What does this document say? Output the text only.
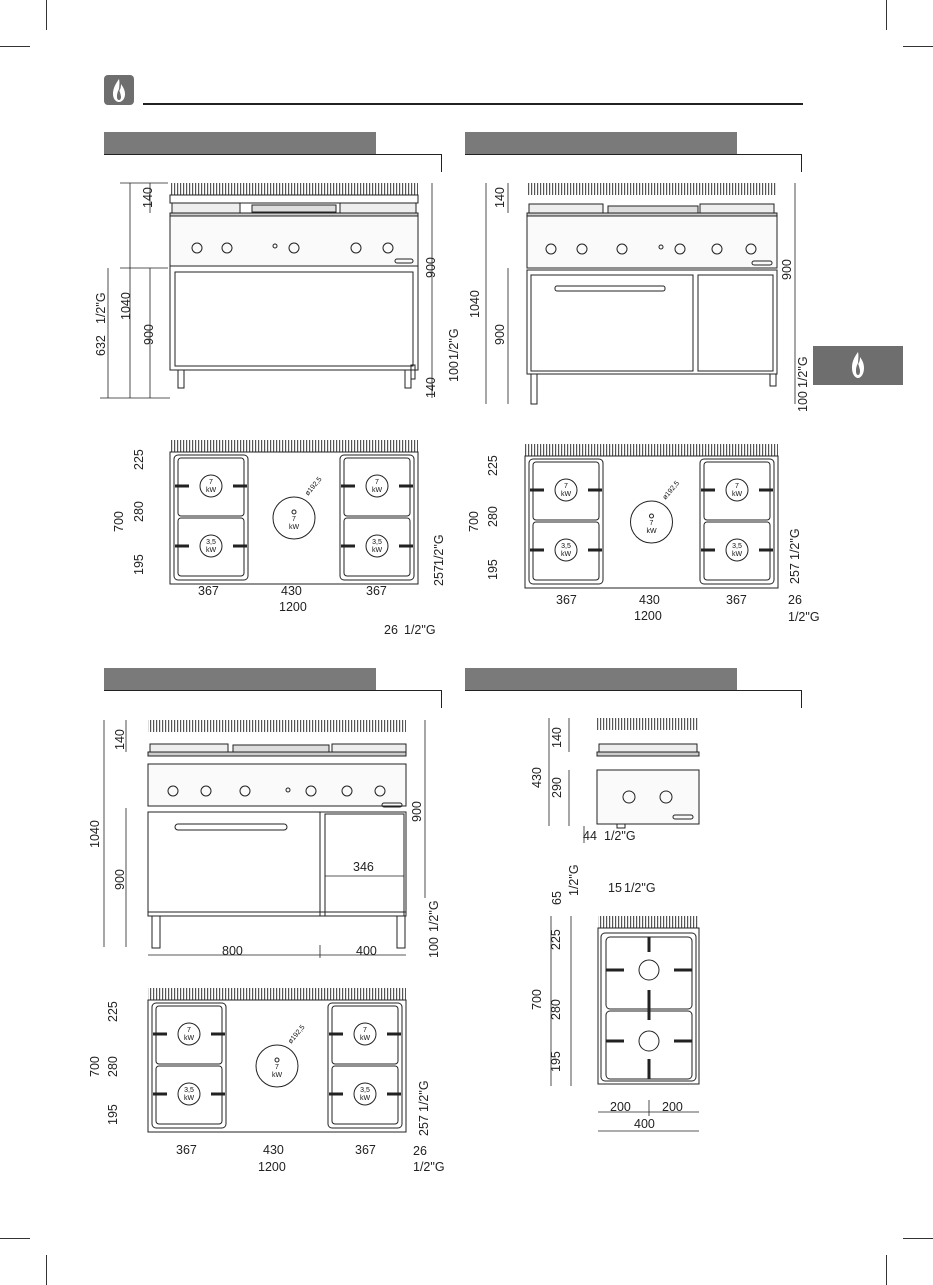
7
kW
3,5
kW
7
kW
3,5
kW
7
kW
ø192,5	7
kW
3,5
kW
7
kW
3,5
kW
7
kW
ø192,5
7
kW
3,5
kW
7
kW
3,5
kW
7
kW
ø192,5
140
1040
900
632
1/2"G
900
100
1/2"G
140
225
280
195
700
367	430	367
1200
257
1/2"G
26 1/2"G
140
1040
900
900
100
1/2"G
225
280
195
700
367	430	367
1200
257
1/2"G
26
1/2"G
140
1040
900
900
346
800	400	100
1/2"G
225
280
195
700
367	430	367
1200
257
1/2"G
26
1/2"G
140
430 290
44 1/2"G
65
1/2"G 15 1/2"G
225
280
195
700
200 200
400
